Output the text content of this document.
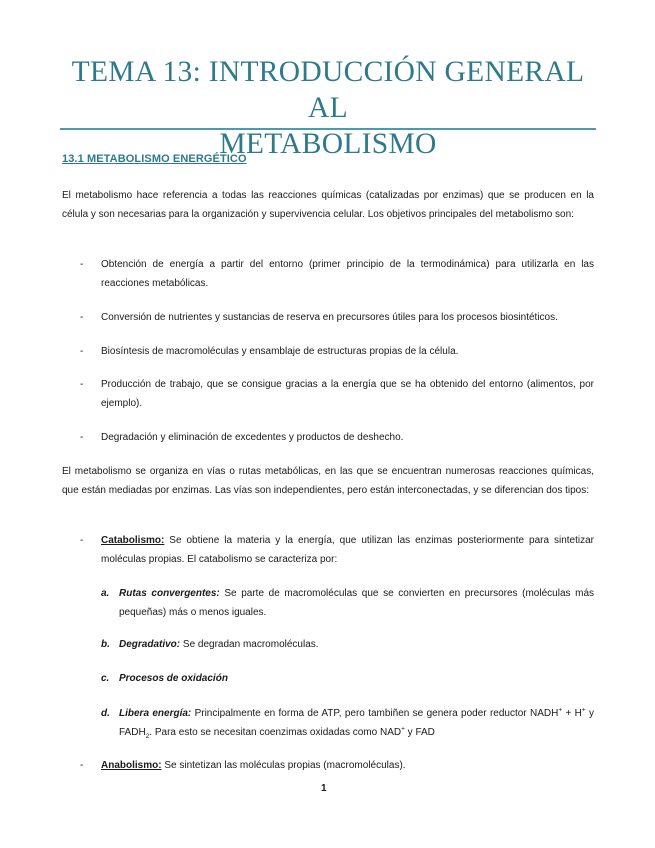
TEMA 13: INTRODUCCIÓN GENERAL AL
METABOLISMO
13.1 METABOLISMO ENERGÉTICO
El metabolismo hace referencia a todas las reacciones químicas (catalizadas por enzimas) que se producen en la célula y son necesarias para la organización y supervivencia celular. Los objetivos principales del metabolismo son:
- Obtención de energía a partir del entorno (primer principio de la termodinámica) para utilizarla en las reacciones metabólicas.
- Conversión de nutrientes y sustancias de reserva en precursores útiles para los procesos biosintéticos.
- Biosíntesis de macromoléculas y ensamblaje de estructuras propias de la célula.
- Producción de trabajo, que se consigue gracias a la energía que se ha obtenido del entorno (alimentos, por ejemplo).
- Degradación y eliminación de excedentes y productos de deshecho.
El metabolismo se organiza en vías o rutas metabólicas, en las que se encuentran numerosas reacciones químicas, que están mediadas por enzimas. Las vías son independientes, pero están interconectadas, y se diferencian dos tipos:
- Catabolismo: Se obtiene la materia y la energía, que utilizan las enzimas posteriormente para sintetizar moléculas propias. El catabolismo se caracteriza por:
a. Rutas convergentes: Se parte de macromoléculas que se convierten en precursores (moléculas más pequeñas) más o menos iguales.
b. Degradativo: Se degradan macromoléculas.
c. Procesos de oxidación
d. Libera energía: Principalmente en forma de ATP, pero tambiñen se genera poder reductor NADH+ + H+ y $FADH_2$. Para esto se necesitan coenzimas oxidadas como NAD+ y FAD
- Anabolismo: Se sintetizan las moléculas propias (macromoléculas).
1
